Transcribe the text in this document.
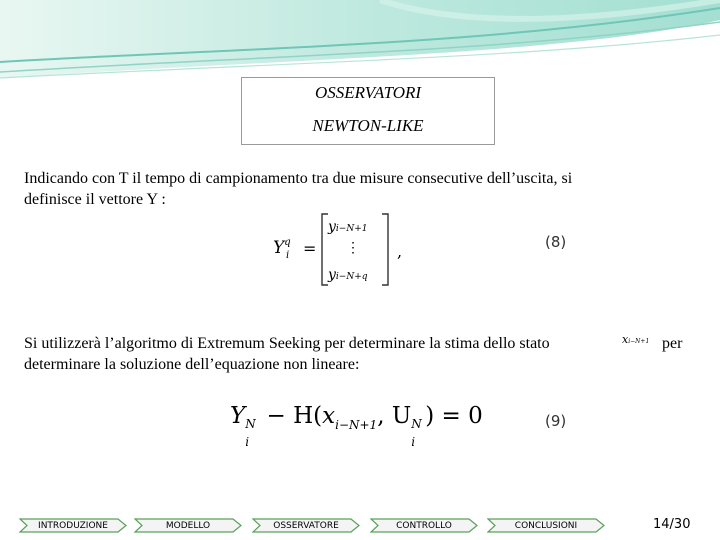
OSSERVATORI
NEWTON-LIKE
Indicando con T il tempo di campionamento tra due misure consecutive dell’uscita, si
definisce il vettore Y :
$Y^q$
i =
yi−N+1
⋮
yi−N+q
,	(8)
Si utilizzerà l’algoritmo di Extremum Seeking per determinare la stima dello stato	xi−N+1 per
determinare la soluzione dell’equazione non lineare:
Y N
i
− $H(x_{i-N+1}$, U N
i
) = 0	(9)
INTRODUZIONE	MODELLO	OSSERVATORE	CONTROLLO	CONCLUSIONI	14/30
